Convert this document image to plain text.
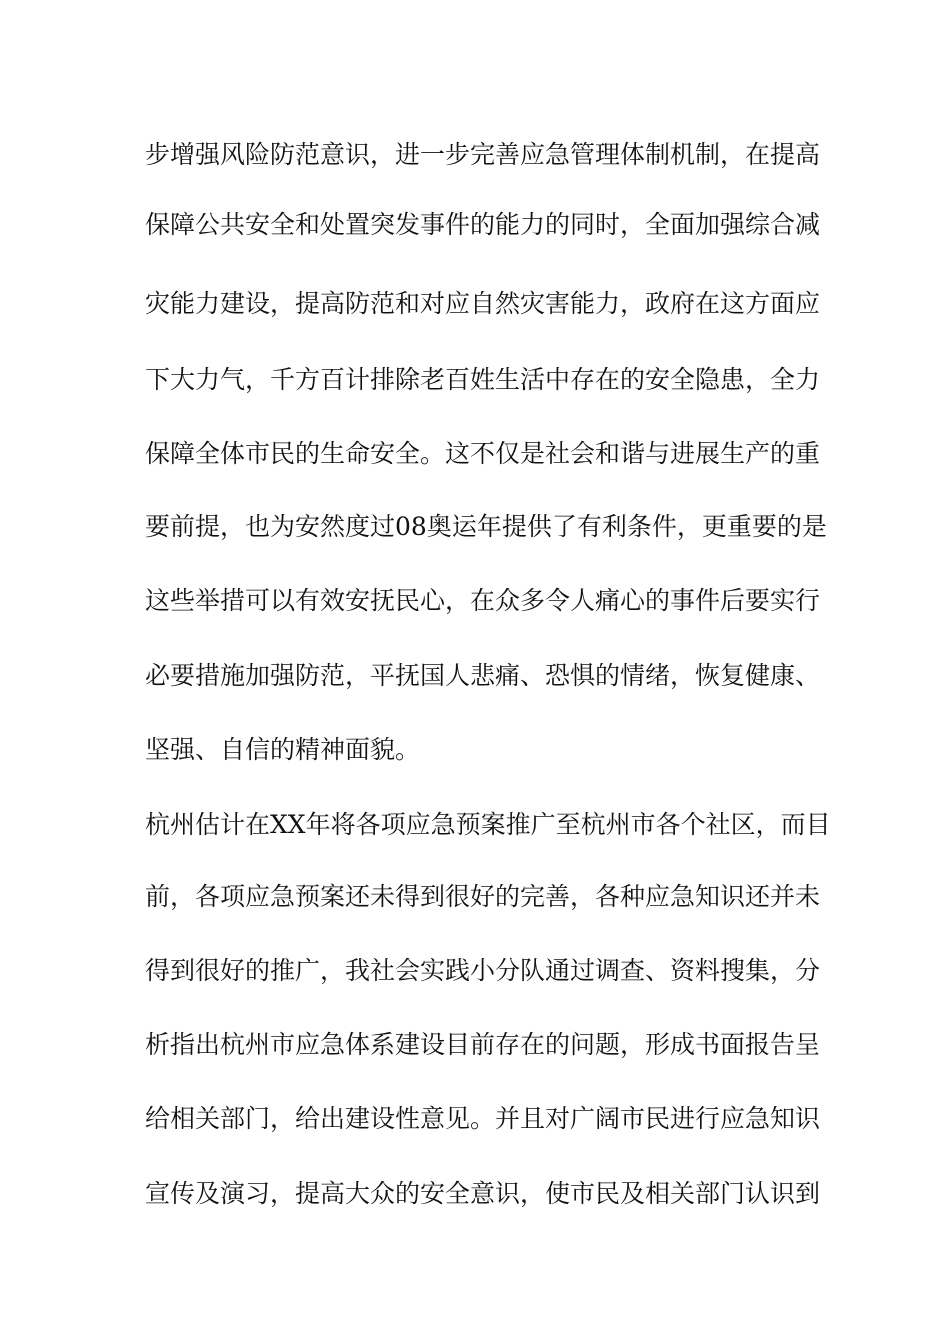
步增强风险防范意识，进一步完善应急管理体制机制，在提高
保障公共安全和处置突发事件的能力的同时，全面加强综合减
灾能力建设，提高防范和对应自然灾害能力，政府在这方面应
下大力气，千方百计排除老百姓生活中存在的安全隐患，全力
保障全体市民的生命安全。这不仅是社会和谐与进展生产的重
要前提，也为安然度过08奥运年提供了有利条件，更重要的是
这些举措可以有效安抚民心，在众多令人痛心的事件后要实行
必要措施加强防范，平抚国人悲痛、恐惧的情绪，恢复健康、
坚强、自信的精神面貌。
杭州估计在XX年将各项应急预案推广至杭州市各个社区，而目
前，各项应急预案还未得到很好的完善，各种应急知识还并未
得到很好的推广，我社会实践小分队通过调查、资料搜集，分
析指出杭州市应急体系建设目前存在的问题，形成书面报告呈
给相关部门，给出建设性意见。并且对广阔市民进行应急知识
宣传及演习，提高大众的安全意识，使市民及相关部门认识到
